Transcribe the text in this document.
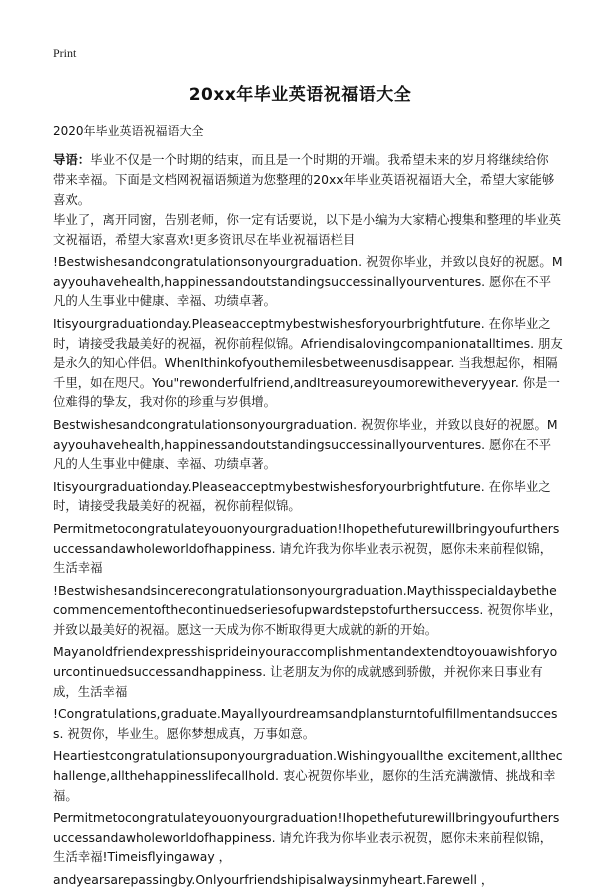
Print
20xx年毕业英语祝福语大全
2020年毕业英语祝福语大全
导语：毕业不仅是一个时期的结束，而且是一个时期的开端。我希望未来的岁月将继续给你带来幸福。下面是文档网祝福语频道为您整理的20xx年毕业英语祝福语大全，希望大家能够喜欢。

毕业了，离开同窗，告别老师，你一定有话要说，以下是小编为大家精心搜集和整理的毕业英文祝福语，希望大家喜欢!更多资讯尽在毕业祝福语栏目

!Bestwishesandcongratulationsonyourgraduation. 祝贺你毕业，并致以良好的祝愿。Mayyouhavehealth,happinessandoutstandingsuccessinallyourventures. 愿你在不平凡的人生事业中健康、幸福、功绩卓著。

Itisyourgraduationday.Pleaseacceptmybestwishesforyourbrightfuture. 在你毕业之时，请接受我最美好的祝福，祝你前程似锦。Afriendisalovingcompanionatalltimes. 朋友是永久的知心伴侣。WhenIthinkofyouthemilesbetweenusdisappear. 当我想起你，相隔千里，如在咫尺。You"rewonderfulfriend,andItreasureyoumorewitheveryyear. 你是一位难得的挚友，我对你的珍重与岁俱增。

Bestwishesandcongratulationsonyourgraduation. 祝贺你毕业，并致以良好的祝愿。Mayyouhavehealth,happinessandoutstandingsuccessinallyourventures. 愿你在不平凡的人生事业中健康、幸福、功绩卓著。

Itisyourgraduationday.Pleaseacceptmybestwishesforyourbrightfuture. 在你毕业之时，请接受我最美好的祝福，祝你前程似锦。

Permitmetocongratulateyouonyourgraduation!Ihopethefuturewillbringyoufurthersuccessandawholeworldofhappiness. 请允许我为你毕业表示祝贺，愿你未来前程似锦，生活幸福

!Bestwishesandsincerecongratulationsonyourgraduation.Maythisspecialdaybethecommencementofthecontinuedseriesofupwardstepstofurthersuccess. 祝贺你毕业，并致以最美好的祝福。愿这一天成为你不断取得更大成就的新的开始。

Mayanoldfriendexpresshisprideinyouraccomplishmentandextendtoyouawishforyourcontinuedsuccessandhappiness. 让老朋友为你的成就感到骄傲，并祝你来日事业有成，生活幸福

!Congratulations,graduate.Mayallyourdreamsandplansturntofulfillmentandsuccess. 祝贺你，毕业生。愿你梦想成真，万事如意。

Heartiestcongratulationsuponyourgraduation.Wishingyouallthe excitement,allthechallenge,allthehappinesslifecallhold. 衷心祝贺你毕业，愿你的生活充满激情、挑战和幸福。

Permitmetocongratulateyouonyourgraduation!Ihopethefuturewillbringyoufurthersuccessandawholeworldofhappiness. 请允许我为你毕业表示祝贺，愿你未来前程似锦，生活幸福!Timeisflyingaway ，

andyearsarepassingby.Onlyourfriendshipisalwaysinmyheart.Farewell ，
